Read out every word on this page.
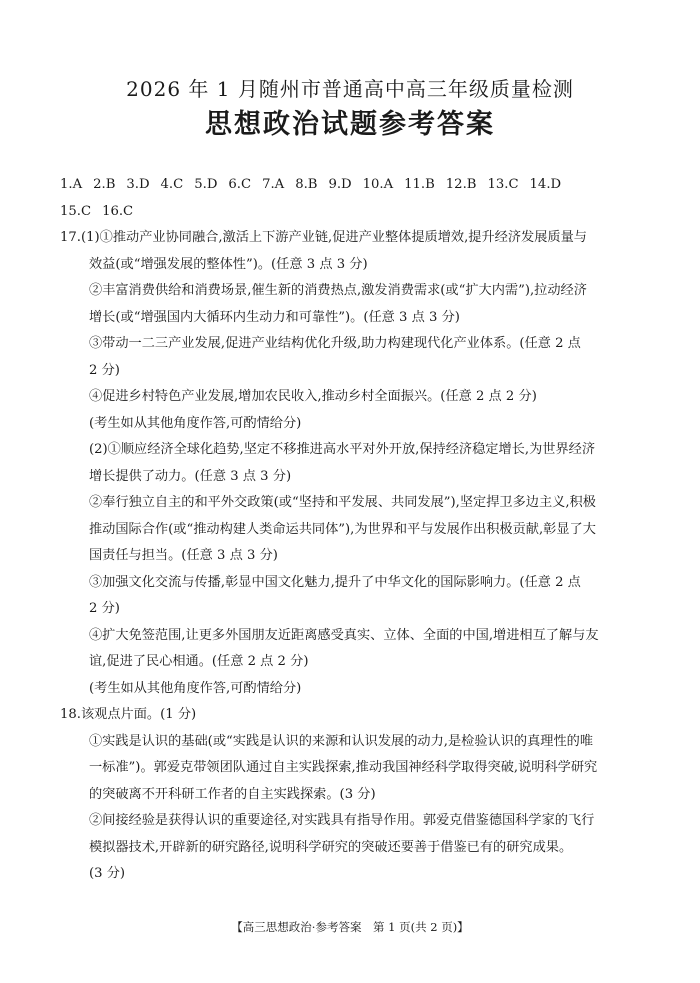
2026 年 1 月随州市普通高中高三年级质量检测
思想政治试题参考答案
1.A 2.B 3.D 4.C 5.D 6.C 7.A 8.B 9.D 10.A 11.B 12.B 13.C 14.D
15.C 16.C
17.(1)①推动产业协同融合,激活上下游产业链,促进产业整体提质增效,提升经济发展质量与
效益(或“增强发展的整体性”)。(任意 3 点 3 分)
②丰富消费供给和消费场景,催生新的消费热点,激发消费需求(或“扩大内需”),拉动经济
增长(或“增强国内大循环内生动力和可靠性”)。(任意 3 点 3 分)
③带动一二三产业发展,促进产业结构优化升级,助力构建现代化产业体系。(任意 2 点
2 分)
④促进乡村特色产业发展,增加农民收入,推动乡村全面振兴。(任意 2 点 2 分)
(考生如从其他角度作答,可酌情给分)
(2)①顺应经济全球化趋势,坚定不移推进高水平对外开放,保持经济稳定增长,为世界经济
增长提供了动力。(任意 3 点 3 分)
②奉行独立自主的和平外交政策(或“坚持和平发展、共同发展”),坚定捍卫多边主义,积极
推动国际合作(或“推动构建人类命运共同体”),为世界和平与发展作出积极贡献,彰显了大
国责任与担当。(任意 3 点 3 分)
③加强文化交流与传播,彰显中国文化魅力,提升了中华文化的国际影响力。(任意 2 点
2 分)
④扩大免签范围,让更多外国朋友近距离感受真实、立体、全面的中国,增进相互了解与友
谊,促进了民心相通。(任意 2 点 2 分)
(考生如从其他角度作答,可酌情给分)
18.该观点片面。(1 分)
①实践是认识的基础(或“实践是认识的来源和认识发展的动力,是检验认识的真理性的唯
一标准”)。郭爱克带领团队通过自主实践探索,推动我国神经科学取得突破,说明科学研究
的突破离不开科研工作者的自主实践探索。(3 分)
②间接经验是获得认识的重要途径,对实践具有指导作用。郭爱克借鉴德国科学家的飞行
模拟器技术,开辟新的研究路径,说明科学研究的突破还要善于借鉴已有的研究成果。
(3 分)
【高三思想政治·参考答案　第 1 页(共 2 页)】
